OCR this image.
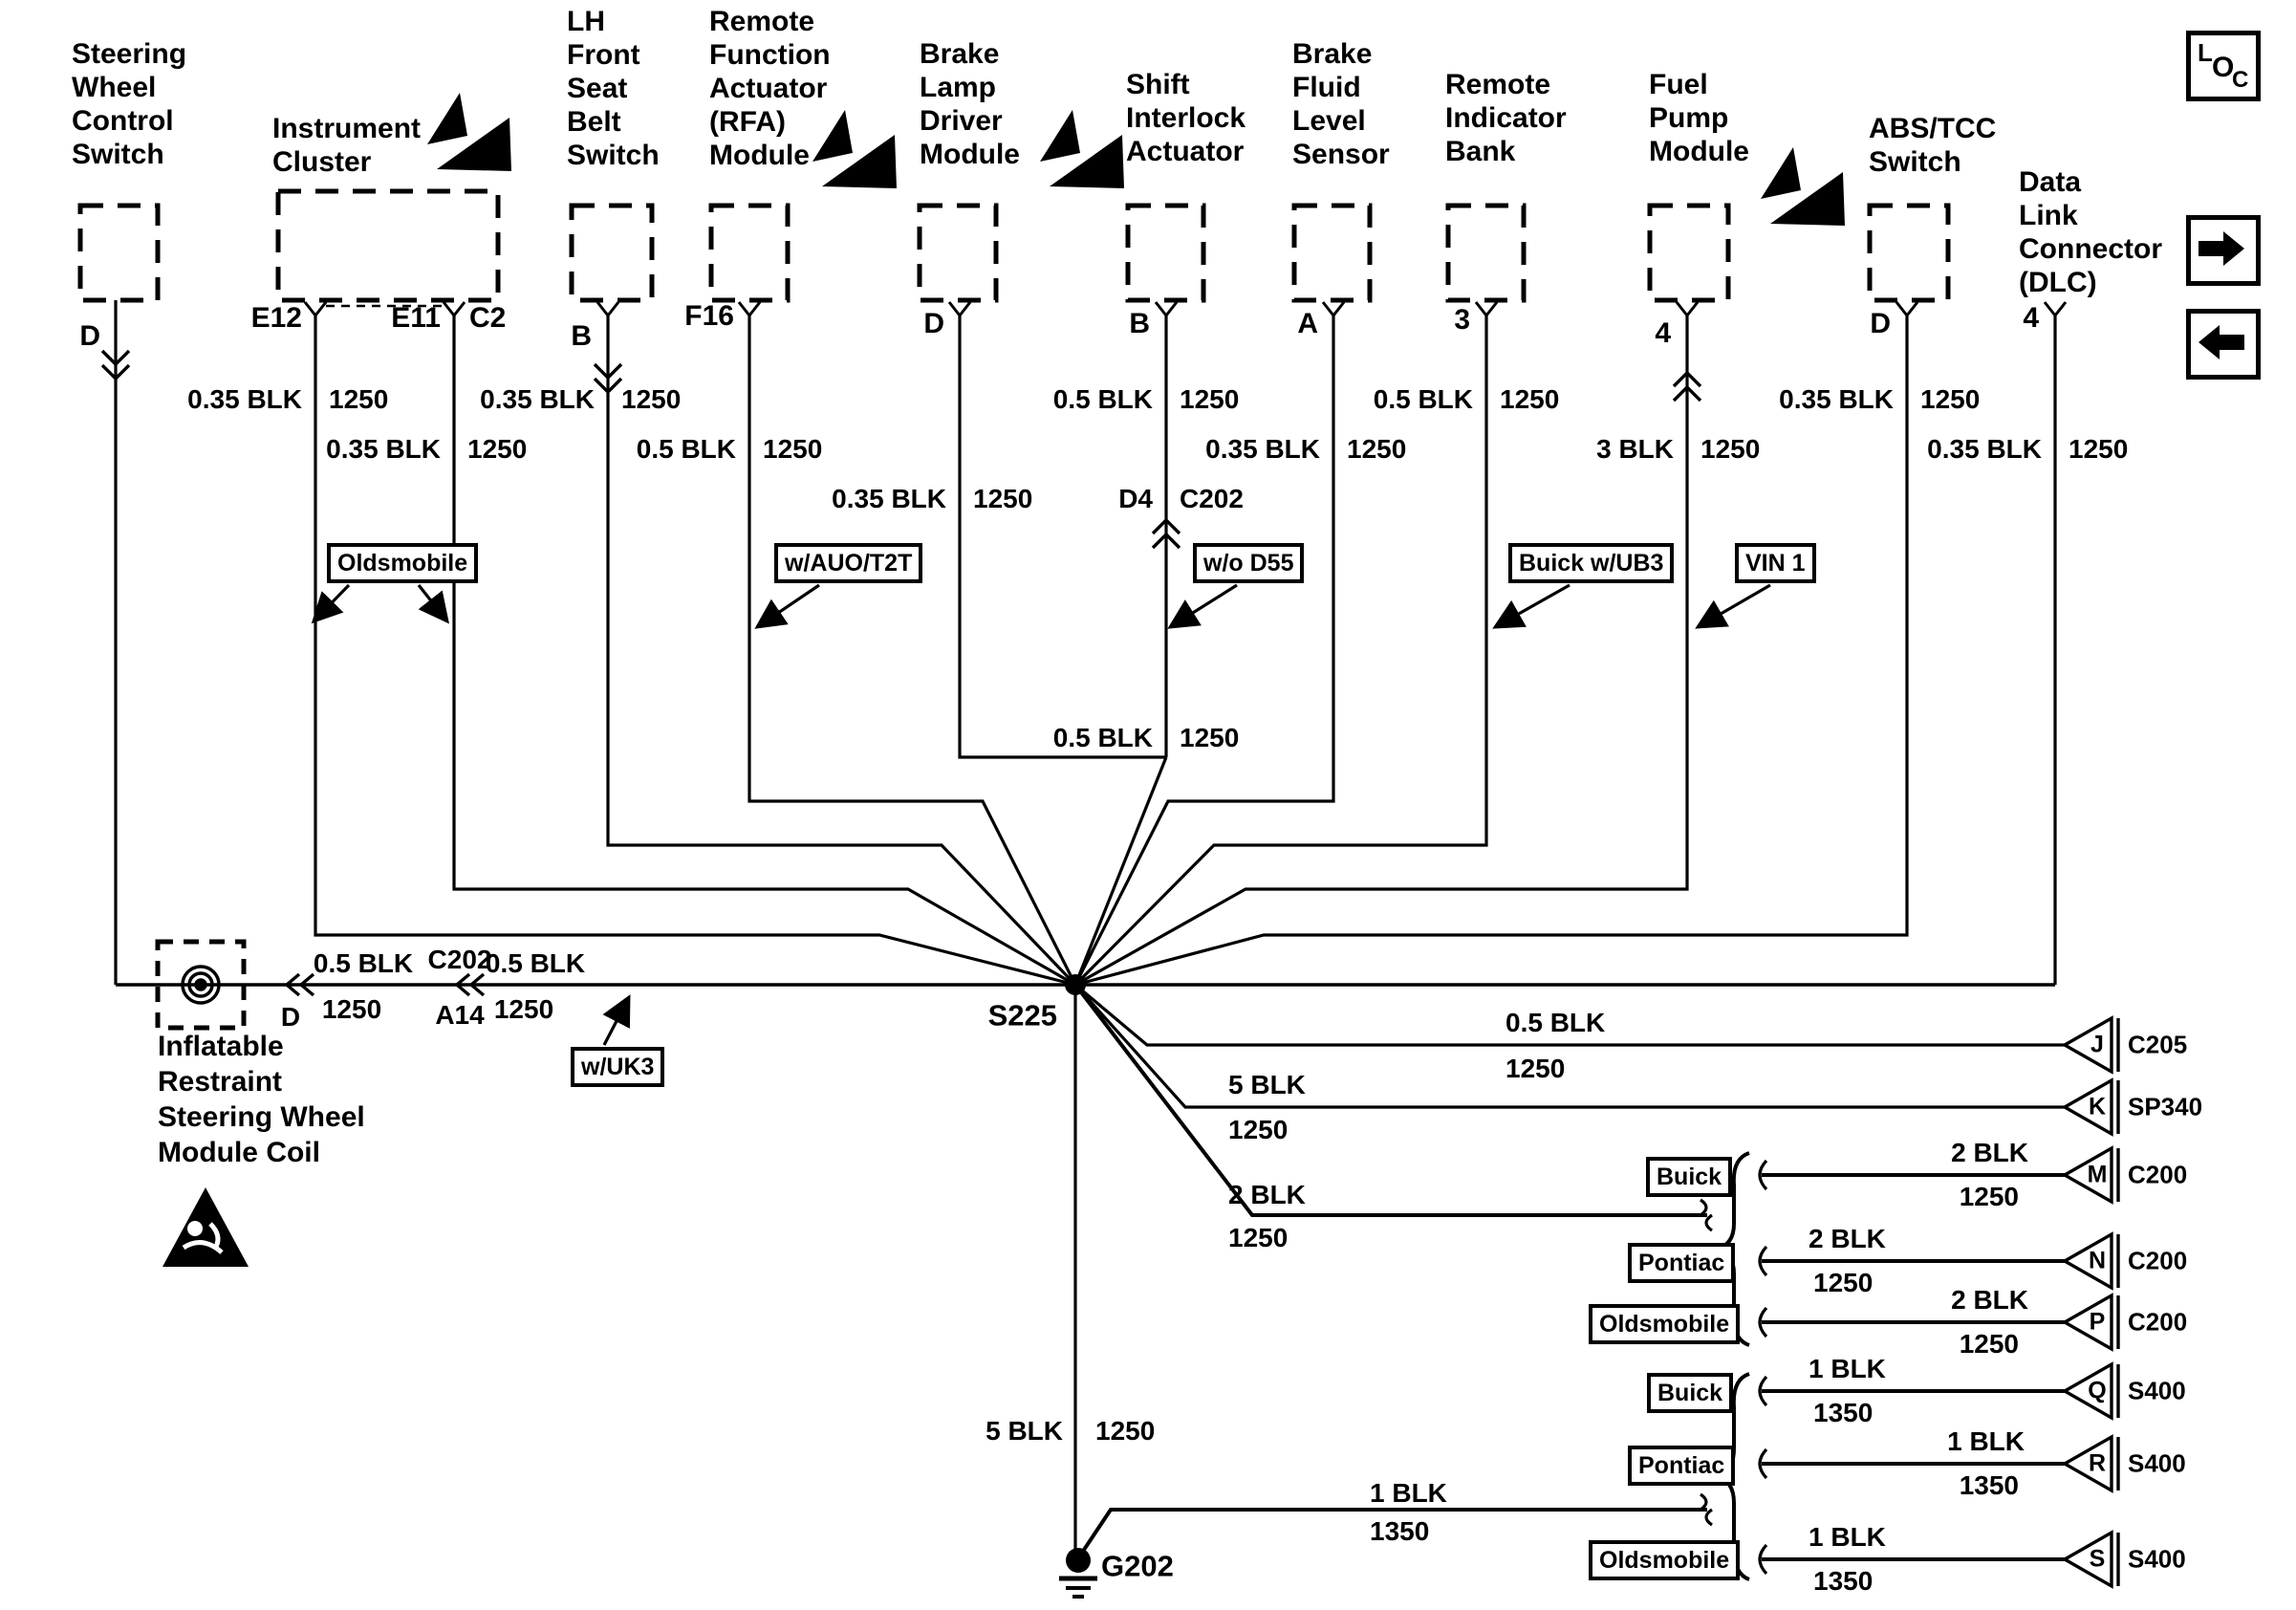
L O
C
Steering
Wheel
Control
Switch
Instrument
Cluster
LH
Front
Seat
Belt
Switch
Remote
Function
Actuator
(RFA)
Module
Brake
Lamp
Driver
Module
Shift
Interlock
Actuator
Brake
Fluid
Level
Sensor
Remote
Indicator
Bank
Fuel
Pump
Module
ABS/TCC
Switch
Data
Link
Connector
(DLC)
D
E12	E11 C2
B
F16	D	B	A	3	4	D	4
0.35 BLK 1250	0.35 BLK 1250	0.5 BLK 1250	0.5 BLK 1250	0.35 BLK 1250
0.35 BLK 1250	0.5 BLK 1250	0.35 BLK 1250	3 BLK 1250	0.35 BLK 1250
0.35 BLK 1250	D4 C202
0.5 BLK 1250
0.5 BLK
1250
D
C202
A14
0.5 BLK
1250	0.5 BLK
1250
5 BLK
1250
2 BLK
1250
5 BLK 1250
1 BLK
1350
2 BLK
1250
2 BLK
1250
2 BLK
1250
1 BLK
1350
1 BLK
1350
1 BLK
1350
S225
G202
Oldsmobile	w/AUO/T2T	w/o D55	Buick w/UB3	VIN 1
w/UK3
Buick
Pontiac
Oldsmobile
Buick
Pontiac
Oldsmobile
J C205
K SP340
M C200
N C200
P C200
Q S400
R S400
S S400
Inflatable
Restraint
Steering Wheel
Module Coil
